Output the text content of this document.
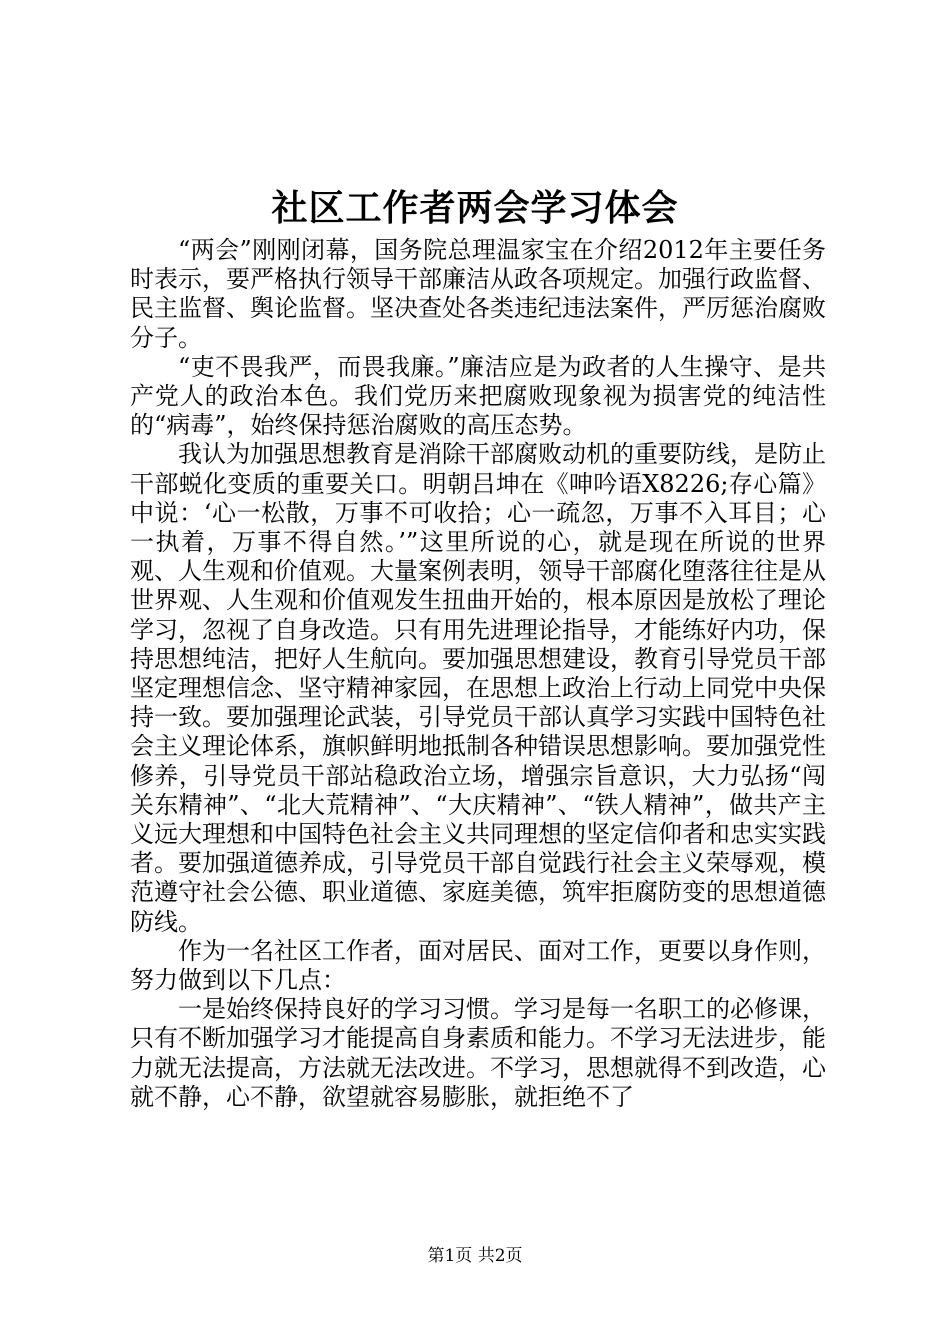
社区工作者两会学习体会

“两会”刚刚闭幕，国务院总理温家宝在介绍2012年主要任务时表示，要严格执行领导干部廉洁从政各项规定。加强行政监督、民主监督、舆论监督。坚决查处各类违纪违法案件，严厉惩治腐败分子。

“吏不畏我严，而畏我廉。”廉洁应是为政者的人生操守、是共产党人的政治本色。我们党历来把腐败现象视为损害党的纯洁性的“病毒”，始终保持惩治腐败的高压态势。

我认为加强思想教育是消除干部腐败动机的重要防线，是防止干部蜕化变质的重要关口。明朝吕坤在《呻吟语X8226;存心篇》中说：‘心一松散，万事不可收拾；心一疏忽，万事不入耳目；心一执着，万事不得自然。’”这里所说的心，就是现在所说的世界观、人生观和价值观。大量案例表明，领导干部腐化堕落往往是从世界观、人生观和价值观发生扭曲开始的，根本原因是放松了理论学习，忽视了自身改造。只有用先进理论指导，才能练好内功，保持思想纯洁，把好人生航向。要加强思想建设，教育引导党员干部坚定理想信念、坚守精神家园，在思想上政治上行动上同党中央保持一致。要加强理论武装，引导党员干部认真学习实践中国特色社会主义理论体系，旗帜鲜明地抵制各种错误思想影响。要加强党性修养，引导党员干部站稳政治立场，增强宗旨意识，大力弘扬“闯关东精神”、“北大荒精神”、“大庆精神”、“铁人精神”，做共产主义远大理想和中国特色社会主义共同理想的坚定信仰者和忠实实践者。要加强道德养成，引导党员干部自觉践行社会主义荣辱观，模范遵守社会公德、职业道德、家庭美德，筑牢拒腐防变的思想道德防线。

作为一名社区工作者，面对居民、面对工作，更要以身作则，努力做到以下几点：

一是始终保持良好的学习习惯。学习是每一名职工的必修课，只有不断加强学习才能提高自身素质和能力。不学习无法进步，能力就无法提高，方法就无法改进。不学习，思想就得不到改造，心就不静，心不静，欲望就容易膨胀，就拒绝不了

第1页 共2页
